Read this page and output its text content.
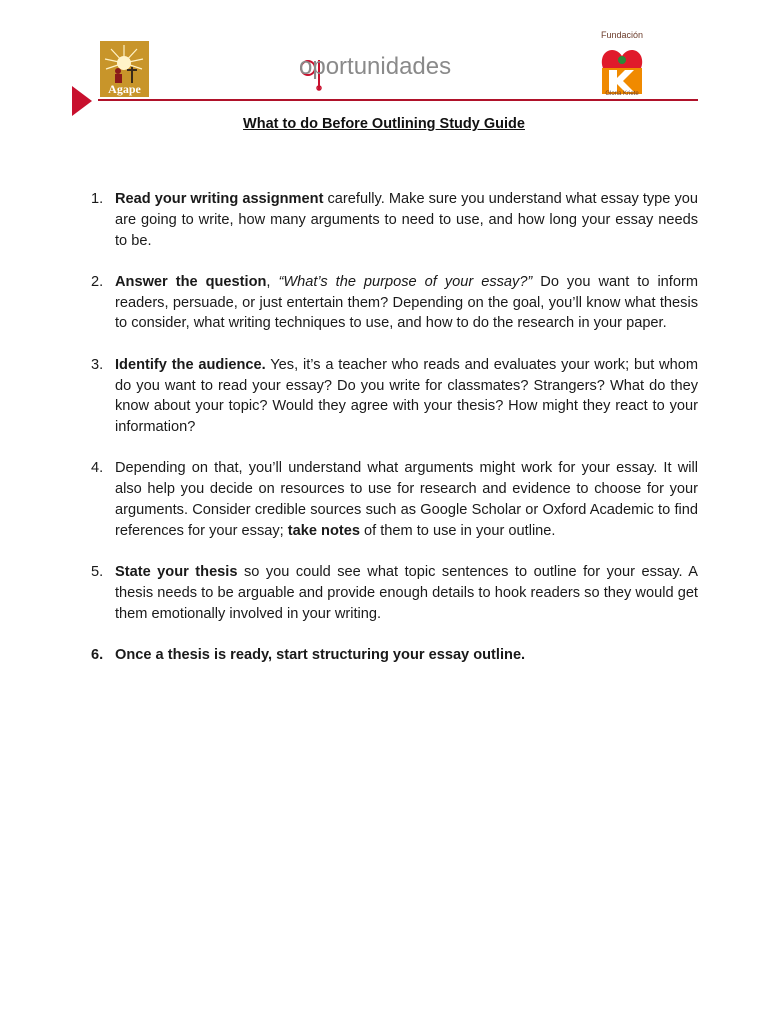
Agape
oportunidades
Fundación
Gloria Kriete
What to do Before Outlining Study Guide
1. Read your writing assignment carefully. Make sure you understand what essay type you are going to write, how many arguments to need to use, and how long your essay needs to be.
2. Answer the question, “What’s the purpose of your essay?” Do you want to inform readers, persuade, or just entertain them? Depending on the goal, you’ll know what thesis to consider, what writing techniques to use, and how to do the research in your paper.
3. Identify the audience. Yes, it’s a teacher who reads and evaluates your work; but whom do you want to read your essay? Do you write for classmates? Strangers? What do they know about your topic? Would they agree with your thesis? How might they react to your information?
4. Depending on that, you’ll understand what arguments might work for your essay. It will also help you decide on resources to use for research and evidence to choose for your arguments. Consider credible sources such as Google Scholar or Oxford Academic to find references for your essay; take notes of them to use in your outline.
5. State your thesis so you could see what topic sentences to outline for your essay. A thesis needs to be arguable and provide enough details to hook readers so they would get them emotionally involved in your writing.
6. Once a thesis is ready, start structuring your essay outline.
